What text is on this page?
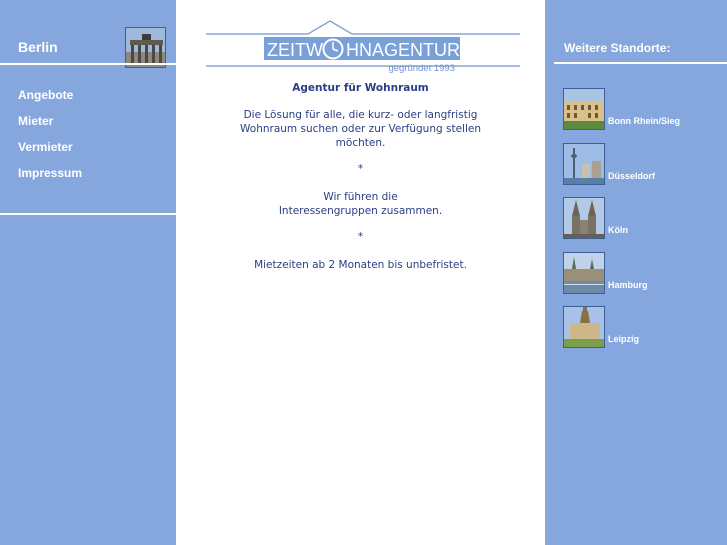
Berlin
Angebote
Mieter
Vermieter
Impressum
ZEITW HNAGENTUR
gegründet 1993
Agentur für Wohnraum
Die Lösung für alle, die kurz- oder langfristig
Wohnraum suchen oder zur Verfügung stellen
möchten.
*
Wir führen die
Interessengruppen zusammen.
*
Mietzeiten ab 2 Monaten bis unbefristet.
Weitere Standorte:
Bonn Rhein/Sieg
Düsseldorf
Köln
Hamburg
Leipzig
